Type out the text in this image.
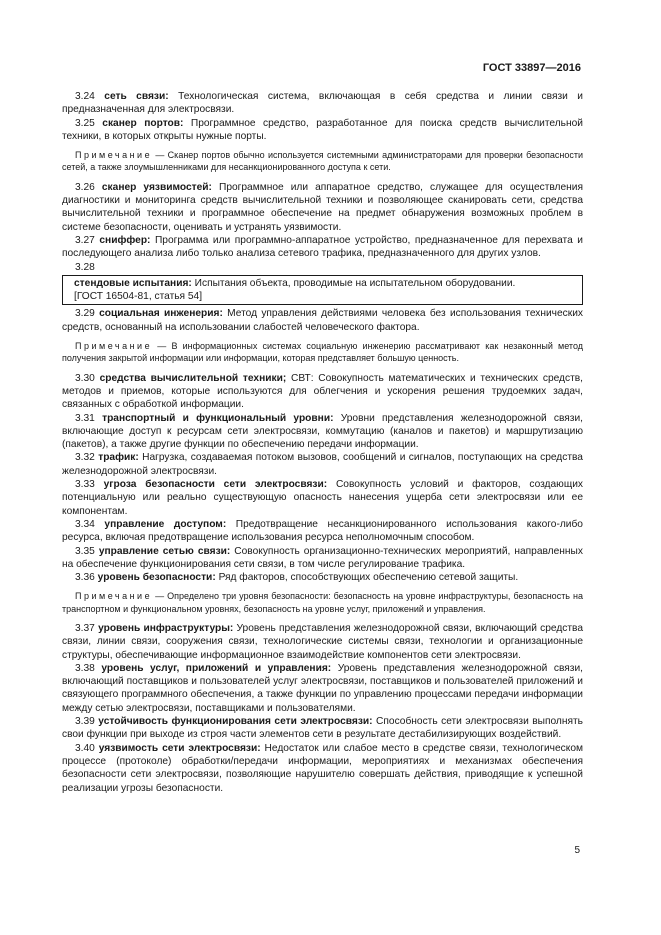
ГОСТ 33897—2016

3.24 сеть связи: Технологическая система, включающая в себя средства и линии связи и предназначенная для электросвязи.

3.25 сканер портов: Программное средство, разработанное для поиска средств вычислительной техники, в которых открыты нужные порты.

Примечание — Сканер портов обычно используется системными администраторами для проверки безопасности сетей, а также злоумышленниками для несанкционированного доступа к сети.

3.26 сканер уязвимостей: Программное или аппаратное средство, служащее для осуществления диагностики и мониторинга средств вычислительной техники и позволяющее сканировать сети, средства вычислительной техники и программное обеспечение на предмет обнаружения возможных проблем в системе безопасности, оценивать и устранять уязвимости.

3.27 сниффер: Программа или программно-аппаратное устройство, предназначенное для перехвата и последующего анализа либо только анализа сетевого трафика, предназначенного для других узлов.

3.28

стендовые испытания: Испытания объекта, проводимые на испытательном оборудовании.

[ГОСТ 16504-81, статья 54]

3.29 социальная инженерия: Метод управления действиями человека без использования технических средств, основанный на использовании слабостей человеческого фактора.

Примечание — В информационных системах социальную инженерию рассматривают как незаконный метод получения закрытой информации или информации, которая представляет большую ценность.

3.30 средства вычислительной техники; СВТ: Совокупность математических и технических средств, методов и приемов, которые используются для облегчения и ускорения решения трудоемких задач, связанных с обработкой информации.

3.31 транспортный и функциональный уровни: Уровни представления железнодорожной связи, включающие доступ к ресурсам сети электросвязи, коммутацию (каналов и пакетов) и маршрутизацию (пакетов), а также другие функции по обеспечению передачи информации.

3.32 трафик: Нагрузка, создаваемая потоком вызовов, сообщений и сигналов, поступающих на средства железнодорожной электросвязи.

3.33 угроза безопасности сети электросвязи: Совокупность условий и факторов, создающих потенциальную или реально существующую опасность нанесения ущерба сети электросвязи или ее компонентам.

3.34 управление доступом: Предотвращение несанкционированного использования какого-либо ресурса, включая предотвращение использования ресурса неполномочным способом.

3.35 управление сетью связи: Совокупность организационно-технических мероприятий, направленных на обеспечение функционирования сети связи, в том числе регулирование трафика.

3.36 уровень безопасности: Ряд факторов, способствующих обеспечению сетевой защиты.

Примечание — Определено три уровня безопасности: безопасность на уровне инфраструктуры, безопасность на транспортном и функциональном уровнях, безопасность на уровне услуг, приложений и управления.

3.37 уровень инфраструктуры: Уровень представления железнодорожной связи, включающий средства связи, линии связи, сооружения связи, технологические системы связи, технологии и организационные структуры, обеспечивающие информационное взаимодействие компонентов сети электросвязи.

3.38 уровень услуг, приложений и управления: Уровень представления железнодорожной связи, включающий поставщиков и пользователей услуг электросвязи, поставщиков и пользователей приложений и связующего программного обеспечения, а также функции по управлению процессами передачи информации между сетью электросвязи, поставщиками и пользователями.

3.39 устойчивость функционирования сети электросвязи: Способность сети электросвязи выполнять свои функции при выходе из строя части элементов сети в результате дестабилизирующих воздействий.

3.40 уязвимость сети электросвязи: Недостаток или слабое место в средстве связи, технологическом процессе (протоколе) обработки/передачи информации, мероприятиях и механизмах обеспечения безопасности сети электросвязи, позволяющие нарушителю совершать действия, приводящие к успешной реализации угрозы безопасности.

5
